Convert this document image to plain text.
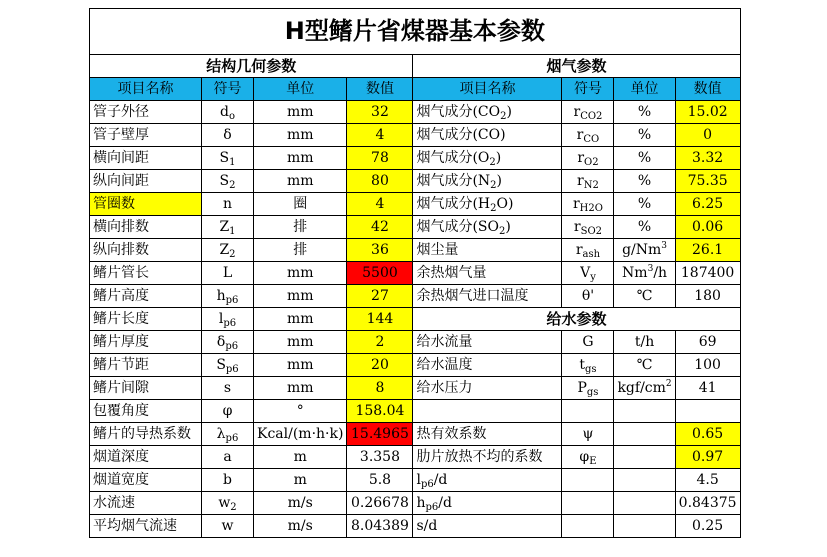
H型鳍片省煤器基本参数							
结构几何参数				烟气参数			
项目名称	符号	单位	数值	项目名称	符号	单位	数值
管子外径	$d_o$	mm	32	烟气成分$(CO_2)$	$r_{CO2}$	%	15.02
管子壁厚	δ	mm	4	烟气成分(CO)	$r_{CO}$	%	0
横向间距	$S_1$	mm	78	烟气成分$(O_2)$	$r_{O2}$	%	3.32
纵向间距	$S_2$	mm	80	烟气成分$(N_2)$	$r_{N2}$	%	75.35
管圈数	n	圈	4	烟气成分$(H_2O)$	$r_{H2O}$	%	6.25
横向排数	$Z_1$	排	42	烟气成分$(SO_2)$	$r_{SO2}$	%	0.06
纵向排数	$Z_2$	排	36	烟尘量	$r_{ash}$	g/Nm$^3$	26.1
鳍片管长	L	mm	5500	余热烟气量	$V_y$	Nm$^3$/h	187400
鳍片高度	$h_{p6}$	mm	27	余热烟气进口温度	θ'	℃	180
鳍片长度	$l_{p6}$	mm	144	给水参数			
鳍片厚度	$\delta_{p6}$	mm	2	给水流量	G	t/h	69
鳍片节距	$S_{p6}$	mm	20	给水温度	$t_{gs}$	℃	100
鳍片间隙	s	mm	8	给水压力	$P_{gs}$	kgf/$cm^2$	41
包覆角度	φ	°	158.04				
鳍片的导热系数	$\lambda_{p6}$	Kcal/(m·h·k)	15.4965	热有效系数	ψ		0.65
烟道深度	a	m	3.358	肋片放热不均的系数	$\varphi_E$		0.97
烟道宽度	b	m	5.8	$l_{p6}/d$			4.5
水流速	$w_2$	m/s	0.26678	$h_{p6}/d$			0.84375
平均烟气流速	w	m/s	8.04389	s/d			0.25
